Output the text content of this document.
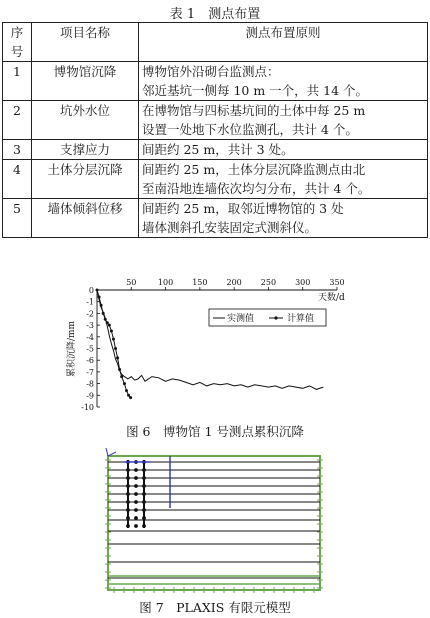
表 1　测点布置
序号	项目名称	测点布置原则
1	博物馆沉降	博物馆外沿砌台监测点：
邻近基坑一侧每 10 m 一个，共 14 个。

2	坑外水位	在博物馆与四标基坑间的土体中每 25 m
设置一处地下水位监测孔，共计 4 个。

3	支撑应力	间距约 25 m，共计 3 处。

4	土体分层沉降	间距约 25 m，土体分层沉降监测点由北
至南沿地连墙依次均匀分布，共计 4 个。

5	墙体倾斜位移	间距约 25 m，取邻近博物馆的 3 处
墙体测斜孔安装固定式测斜仪。
50	100 150 200 250 300 350
0
-1
-2
-3
-4
-5
-6
-7
-8
-9
-10
天数/d
累积沉降/mm
实测值	计算值
图 6　博物馆 1 号测点累积沉降
图 7　PLAXIS 有限元模型
